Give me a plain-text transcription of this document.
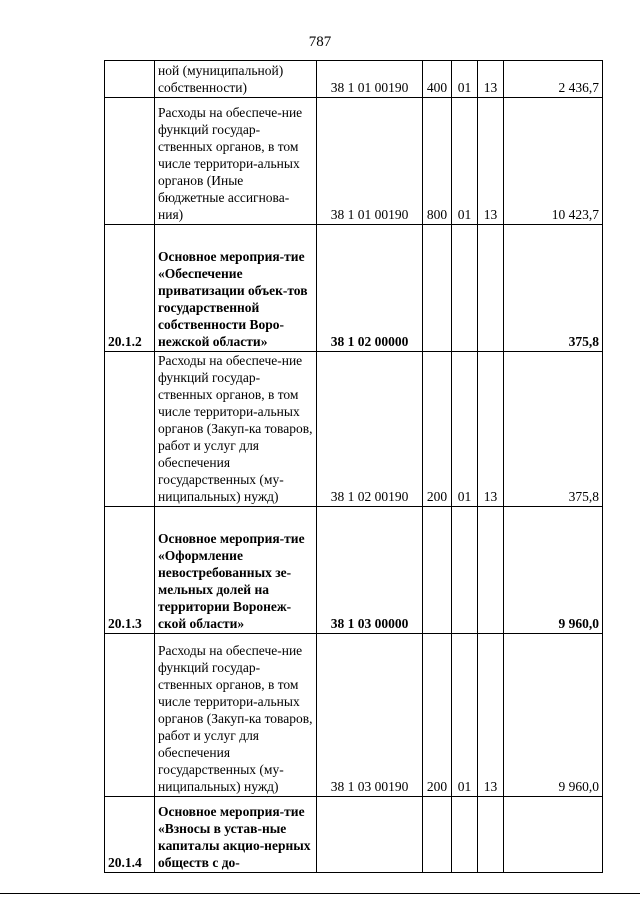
787
	ной (муниципальной) собственности)	38 1 01 00190	400	01	13	2 436,7
	Расходы на обеспече-ние функций государ-ственных органов, в том числе территори-альных органов (Иные бюджетные ассигнова-ния)	38 1 01 00190	800	01	13	10 423,7
20.1.2	Основное мероприя-тие «Обеспечение приватизации объек-тов государственной собственности Воро-нежской области»	38 1 02 00000				375,8
	Расходы на обеспече-ние функций государ-ственных органов, в том числе территори-альных органов (Закуп-ка товаров, работ и услуг для обеспечения государственных (му-ниципальных) нужд)	38 1 02 00190	200	01	13	375,8
20.1.3	Основное мероприя-тие «Оформление невостребованных зе-мельных долей на территории Воронеж-ской области»	38 1 03 00000				9 960,0
	Расходы на обеспече-ние функций государ-ственных органов, в том числе территори-альных органов (Закуп-ка товаров, работ и услуг для обеспечения государственных (му-ниципальных) нужд)	38 1 03 00190	200	01	13	9 960,0
20.1.4	Основное мероприя-тие «Взносы в устав-ные капиталы акцио-нерных обществ с до-					
